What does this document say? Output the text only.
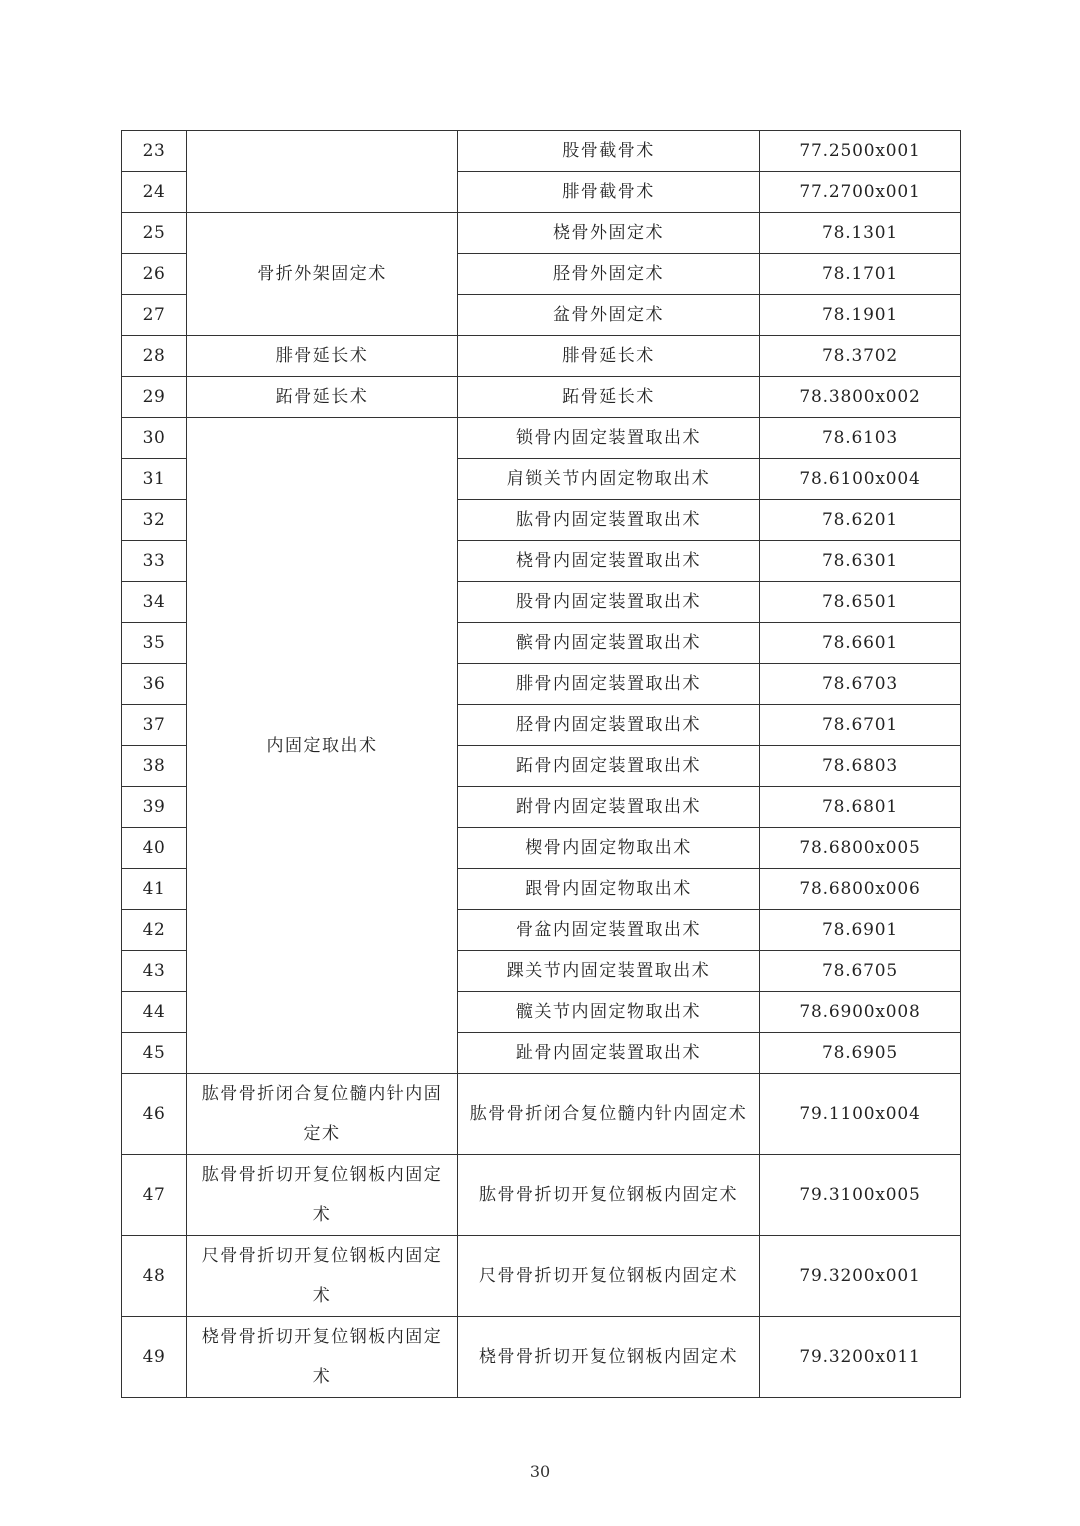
23		股骨截骨术	77.2500x001
24		腓骨截骨术	77.2700x001
25	骨折外架固定术	桡骨外固定术	78.1301
26		胫骨外固定术	78.1701
27		盆骨外固定术	78.1901
28	腓骨延长术	腓骨延长术	78.3702
29	跖骨延长术	跖骨延长术	78.3800x002
30	内固定取出术	锁骨内固定装置取出术	78.6103
31		肩锁关节内固定物取出术	78.6100x004
32		肱骨内固定装置取出术	78.6201
33		桡骨内固定装置取出术	78.6301
34		股骨内固定装置取出术	78.6501
35		髌骨内固定装置取出术	78.6601
36		腓骨内固定装置取出术	78.6703
37		胫骨内固定装置取出术	78.6701
38		跖骨内固定装置取出术	78.6803
39		跗骨内固定装置取出术	78.6801
40		楔骨内固定物取出术	78.6800x005
41		跟骨内固定物取出术	78.6800x006
42		骨盆内固定装置取出术	78.6901
43		踝关节内固定装置取出术	78.6705
44		髋关节内固定物取出术	78.6900x008
45		趾骨内固定装置取出术	78.6905
46	肱骨骨折闭合复位髓内针内固定术	肱骨骨折闭合复位髓内针内固定术	79.1100x004
47	肱骨骨折切开复位钢板内固定术	肱骨骨折切开复位钢板内固定术	79.3100x005
48	尺骨骨折切开复位钢板内固定术	尺骨骨折切开复位钢板内固定术	79.3200x001
49	桡骨骨折切开复位钢板内固定术	桡骨骨折切开复位钢板内固定术	79.3200x011
30
